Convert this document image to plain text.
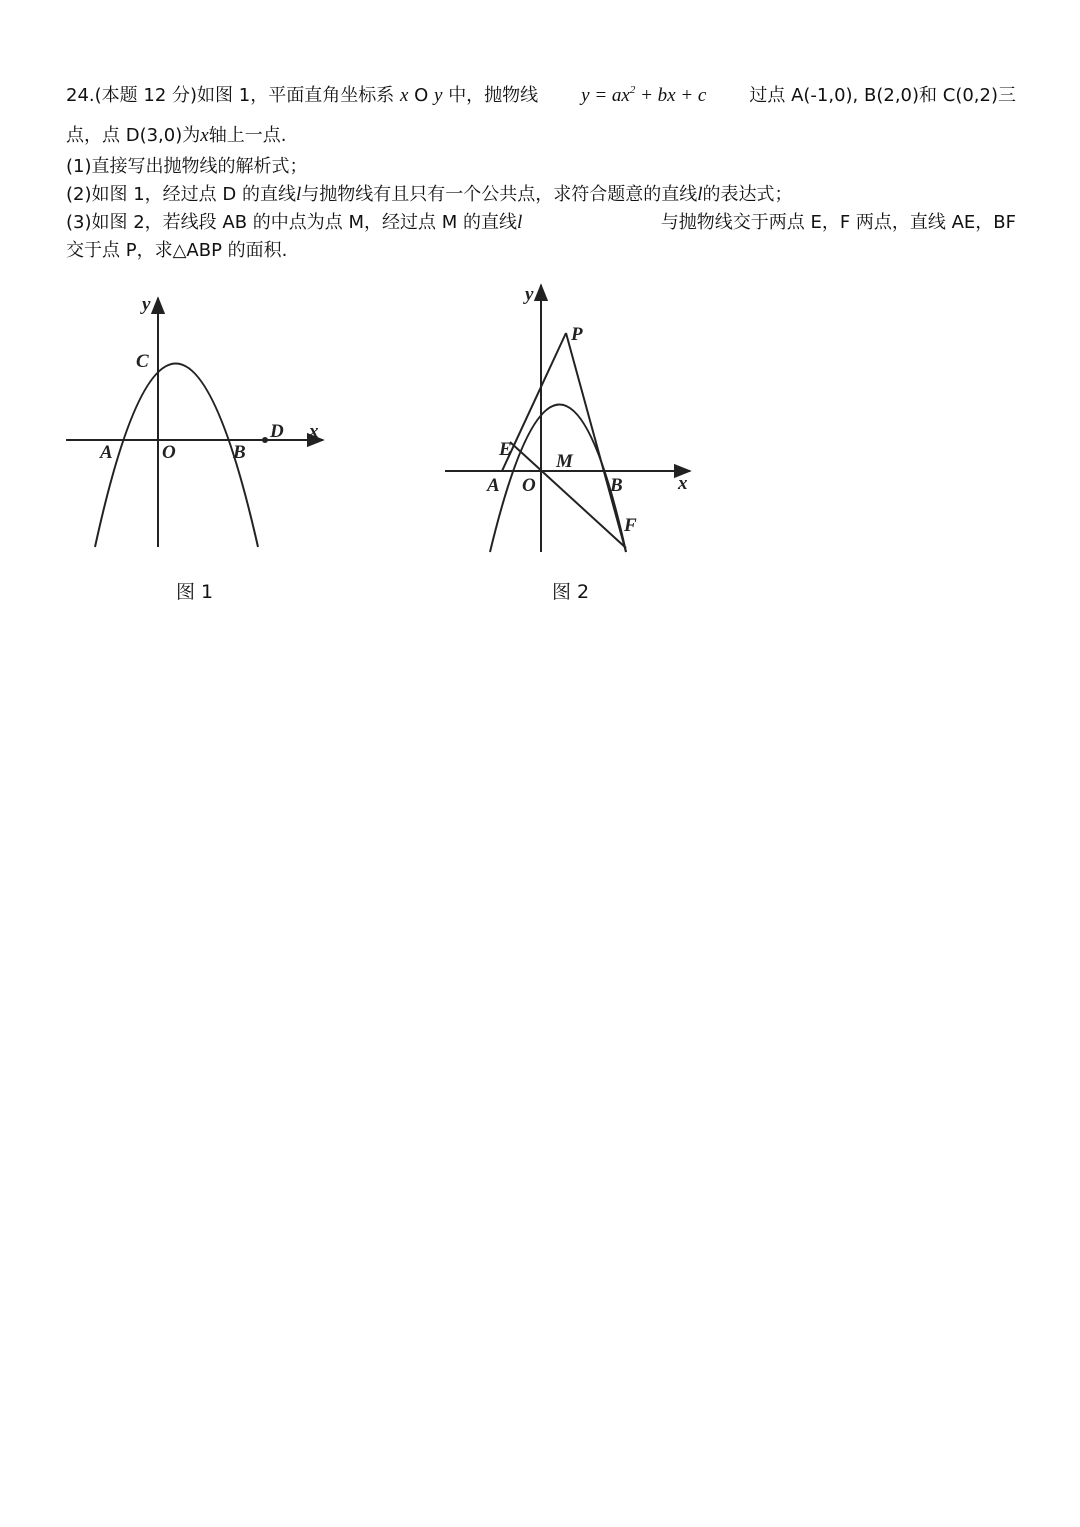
24.(本题 12 分)如图 1，平面直角坐标系 x O y 中，抛物线 $y = ax^2$ + bx + c 过点 A(-1,0), B(2,0)和 C(0,2)三
点，点 D(3,0)为x轴上一点.
(1)直接写出抛物线的解析式；
(2)如图 1，经过点 D 的直线l与抛物线有且只有一个公共点，求符合题意的直线l的表达式；
(3)如图 2，若线段 AB 的中点为点 M，经过点 M 的直线l	与抛物线交于两点 E，F 两点，直线 AE，BF
交于点 P，求△ABP 的面积.
y
x
C
A	O	B
D
y
x
P
E
M
A O	B
F
图 1	图 2
